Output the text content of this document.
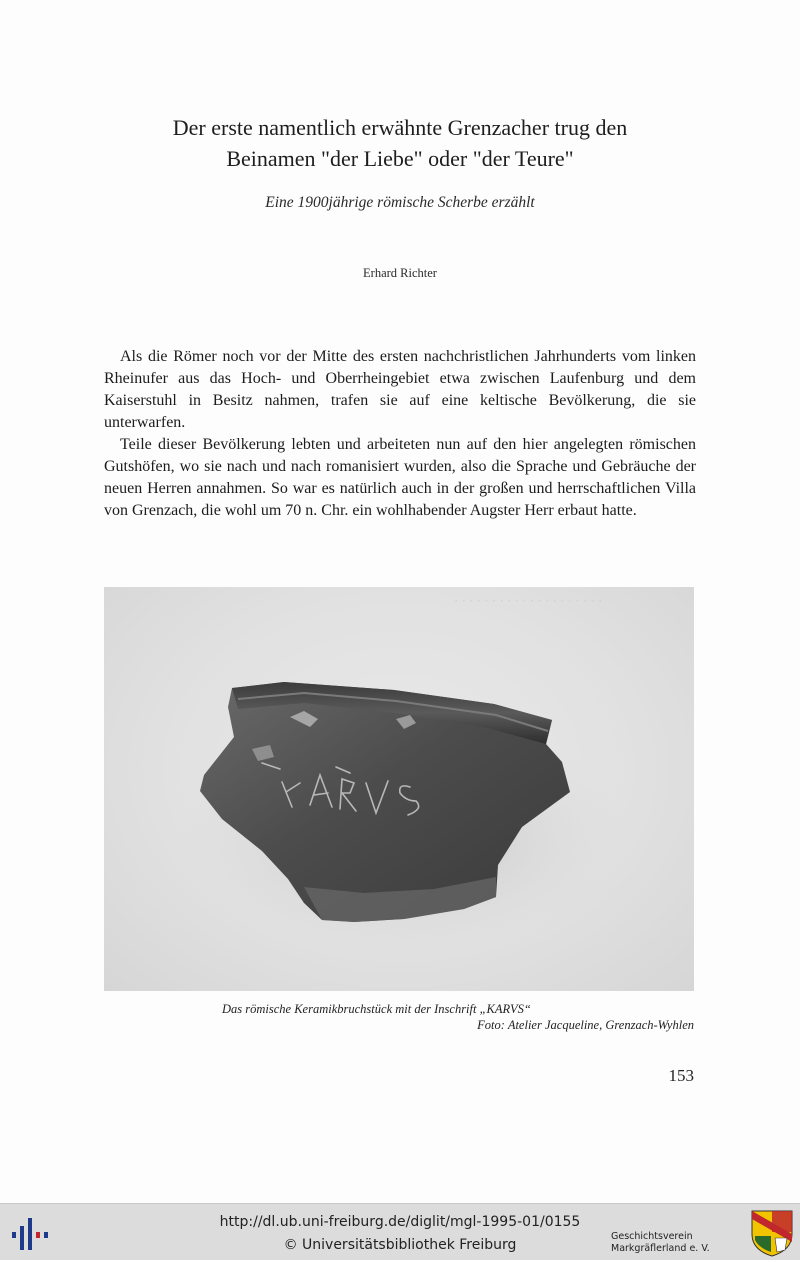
Der erste namentlich erwähnte Grenzacher trug den
Beinamen "der Liebe" oder "der Teure"
Eine 1900jährige römische Scherbe erzählt
Erhard Richter

Als die Römer noch vor der Mitte des ersten nachchristlichen Jahrhunderts vom linken Rheinufer aus das Hoch- und Oberrheingebiet etwa zwischen Laufenburg und dem Kaiserstuhl in Besitz nahmen, trafen sie auf eine keltische Bevölkerung, die sie unterwarfen.

Teile dieser Bevölkerung lebten und arbeiteten nun auf den hier angelegten römischen Gutshöfen, wo sie nach und nach romanisiert wurden, also die Sprache und Gebräuche der neuen Herren annahmen. So war es natürlich auch in der großen und herrschaftlichen Villa von Grenzach, die wohl um 70 n. Chr. ein wohlhabender Augster Herr erbaut hatte.

· · · · · · · · · · · · · · · · · · · ·
Das römische Keramikbruchstück mit der Inschrift „KARVS“
Foto: Atelier Jacqueline, Grenzach-Wyhlen
153
http://dl.ub.uni-freiburg.de/diglit/mgl-1995-01/0155
© Universitätsbibliothek Freiburg
Geschichtsverein
Markgräflerland e. V.
